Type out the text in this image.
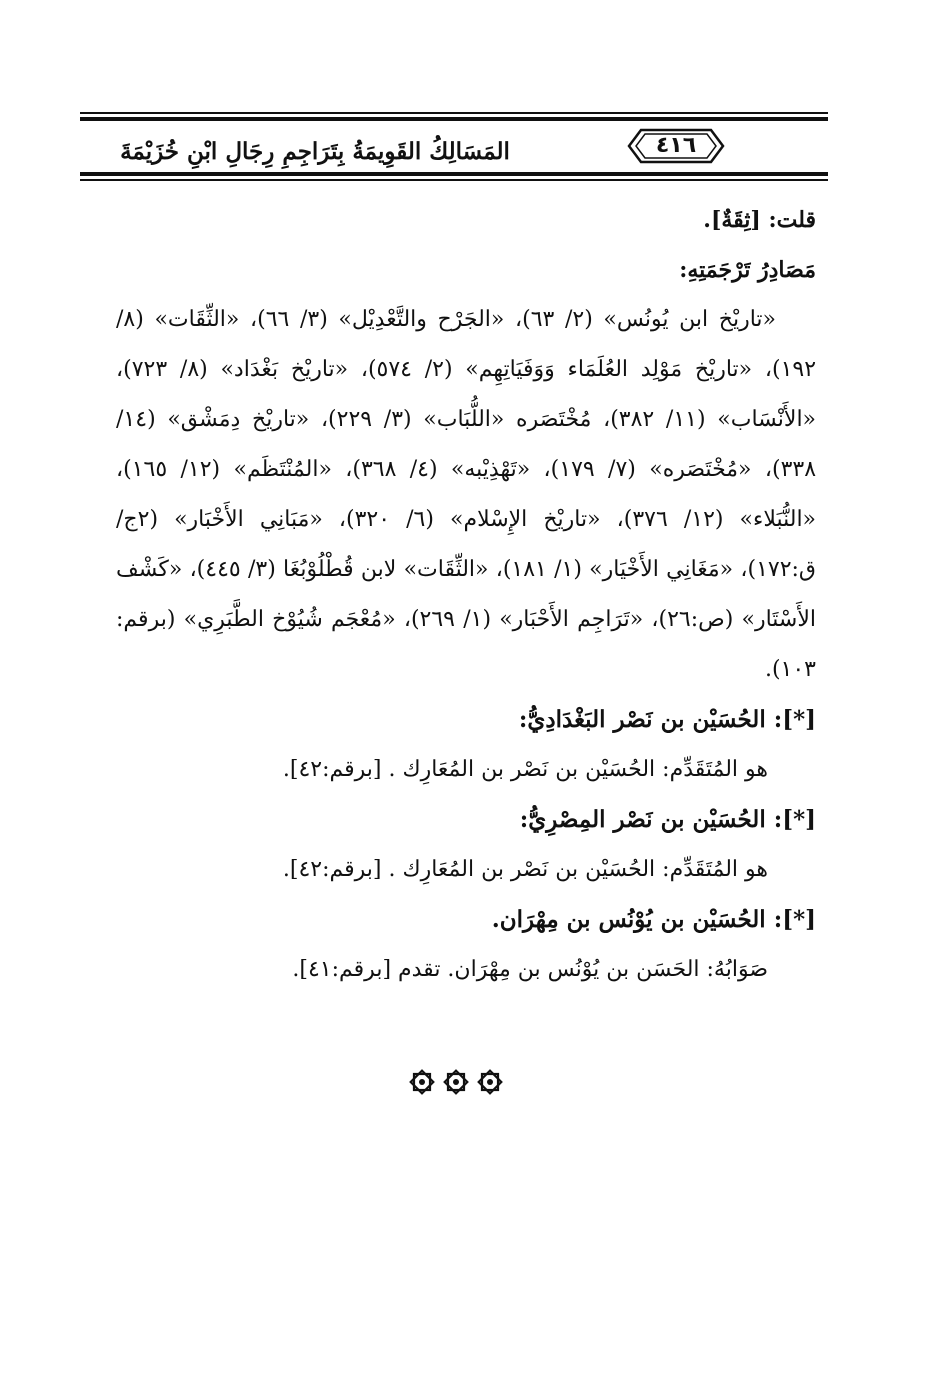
٤١٦
المَسَالِكُ القَوِيمَةُ بِتَرَاجِمِ رِجَالِ ابْنِ خُزَيْمَةَ

قلت: [ثِقَةٌ].

مَصَادِرُ تَرْجَمَتِهِ:

«تاريْخ ابن يُونُس» (٢/ ٦٣)، «الجَرْح والتَّعْدِيْل» (٣/ ٦٦)، «الثِّقَات» (٨/ ١٩٢)، «تاريْخ مَوْلِد العُلَمَاء وَوَفَيَاتِهِم» (٢/ ٥٧٤)، «تاريْخ بَغْدَاد» (٨/ ٧٢٣)، «الأَنْسَاب» (١١/ ٣٨٢)، مُخْتَصَره «اللُّبَاب» (٣/ ٢٢٩)، «تاريْخ دِمَشْق» (١٤/ ٣٣٨)، «مُخْتَصَره» (٧/ ١٧٩)، «تَهْذِيْبه» (٤/ ٣٦٨)، «المُنْتَظَم» (١٢/ ١٦٥)، «النُّبَلاء» (١٢/ ٣٧٦)، «تاريْخ الإِسْلام» (٦/ ٣٢٠)، «مَبَانِي الأَخْبَار» (٢ج/ ق:١٧٢)، «مَغَانِي الأَخْيَار» (١/ ١٨١)، «الثِّقَات» لابن قُطْلُوْبُغَا (٣/ ٤٤٥)، «كَشْف الأَسْتَار» (ص:٢٦)، «تَرَاجِم الأَحْبَار» (١/ ٢٦٩)، «مُعْجَم شُيُوْخ الطَّبَرِي» (برقم: ١٠٣).

[*]: الحُسَيْن بن نَصْر البَغْدَادِيُّ:

هو المُتَقَدِّم: الحُسَيْن بن نَصْر بن المُعَارِك . [برقم:٤٢].

[*]: الحُسَيْن بن نَصْر المِصْرِيُّ:

هو المُتَقَدِّم: الحُسَيْن بن نَصْر بن المُعَارِك . [برقم:٤٢].

[*]: الحُسَيْن بن يُوْنُس بن مِهْرَان.

صَوَابُهُ: الحَسَن بن يُوْنُس بن مِهْرَان. تقدم [برقم:٤١].
